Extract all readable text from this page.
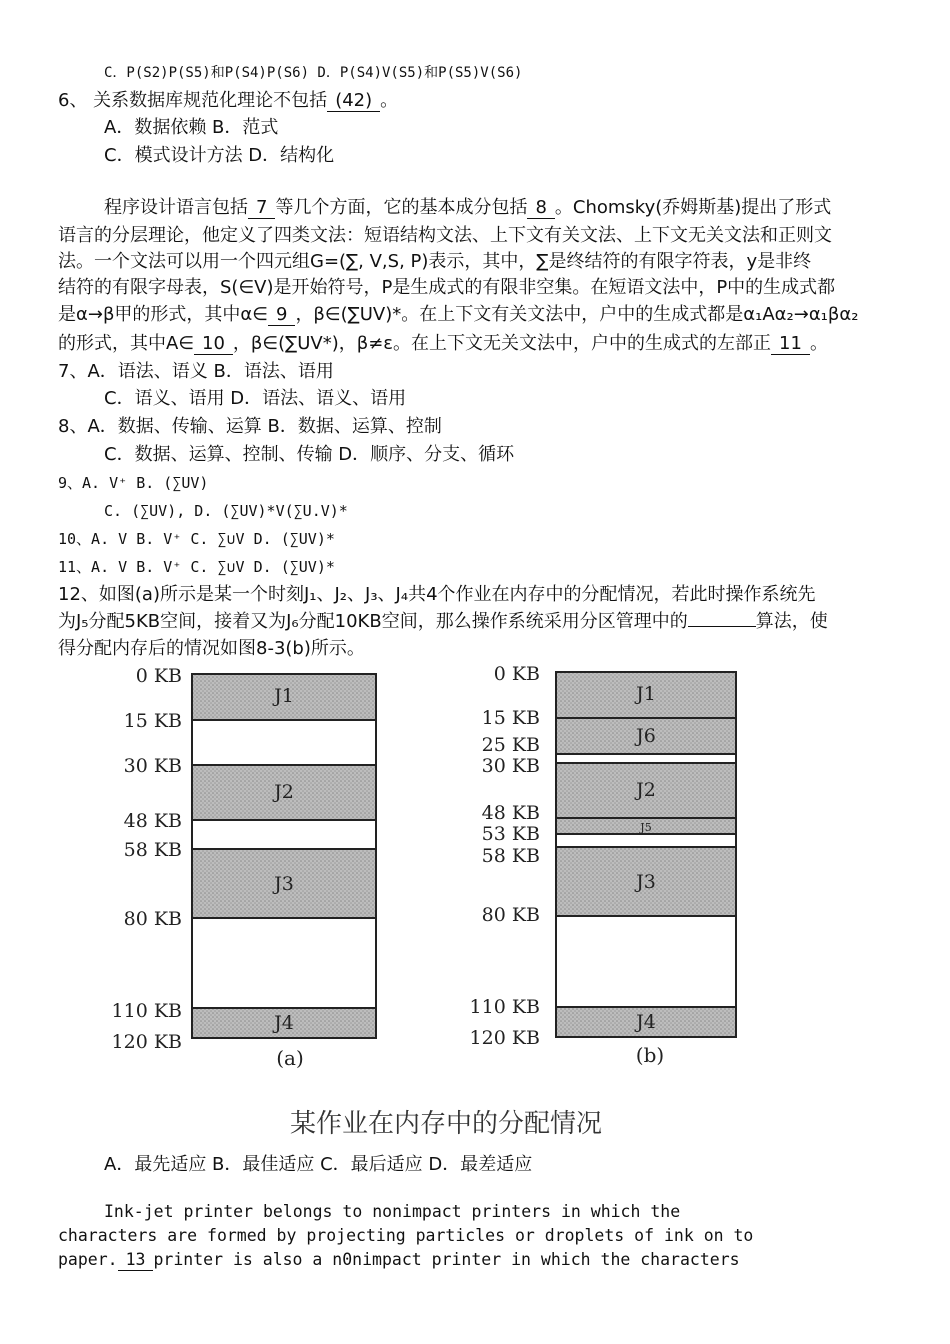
C．P(S2)P(S5)和P(S4)P(S6) D．P(S4)V(S5)和P(S5)V(S6)
6、 关系数据库规范化理论不包括 (42) 。
A．数据依赖 B．范式
C．模式设计方法 D．结构化
程序设计语言包括 7 等几个方面，它的基本成分包括 8 。Chomsky(乔姆斯基)提出了形式
语言的分层理论，他定义了四类文法：短语结构文法、上下文有关文法、上下文无关文法和正则文
法。一个文法可以用一个四元组G=(∑, V,S, P)表示，其中，∑是终结符的有限字符表，y是非终
结符的有限字母表，S(∈V)是开始符号，P是生成式的有限非空集。在短语文法中，P中的生成式都
是α→β甲的形式，其中α∈ 9 ，β∈(∑UV)*。在上下文有关文法中，户中的生成式都是α₁Aα₂→α₁βα₂
的形式，其中A∈ 10 ，β∈(∑UV*)，β≠ε。在上下文无关文法中，户中的生成式的左部正 11 。
7、A．语法、语义 B．语法、语用
C．语义、语用 D．语法、语义、语用
8、A．数据、传输、运算 B．数据、运算、控制
C．数据、运算、控制、传输 D．顺序、分支、循环
9、A. V⁺ B. (∑UV)
C. (∑UV), D. (∑UV)*V(∑U.V)*
10、A. V B. V⁺ C. ∑∪V D. (∑UV)*
11、A. V B. V⁺ C. ∑∪V D. (∑UV)*
12、如图(a)所示是某一个时刻J₁、J₂、J₃、J₄共4个作业在内存中的分配情况，若此时操作系统先
为J₅分配5KB空间，接着又为J₆分配10KB空间，那么操作系统采用分区管理中的	算法，使
得分配内存后的情况如图8-3(b)所示。
0 KB
15 KB
30 KB
48 KB
58 KB
80 KB
110 KB
120 KB
J1
J2
J3
J4
(a)
0 KB
15 KB
25 KB
30 KB
48 KB
53 KB
58 KB
80 KB
110 KB
120 KB
J1
J6
J2
J5
J3
J4
(b)
某作业在内存中的分配情况
A．最先适应 B．最佳适应 C．最后适应 D．最差适应
Ink-jet printer belongs to nonimpact printers in which the
characters are formed by projecting particles or droplets of ink on to
paper. 13 printer is also a n0nimpact printer in which the characters
